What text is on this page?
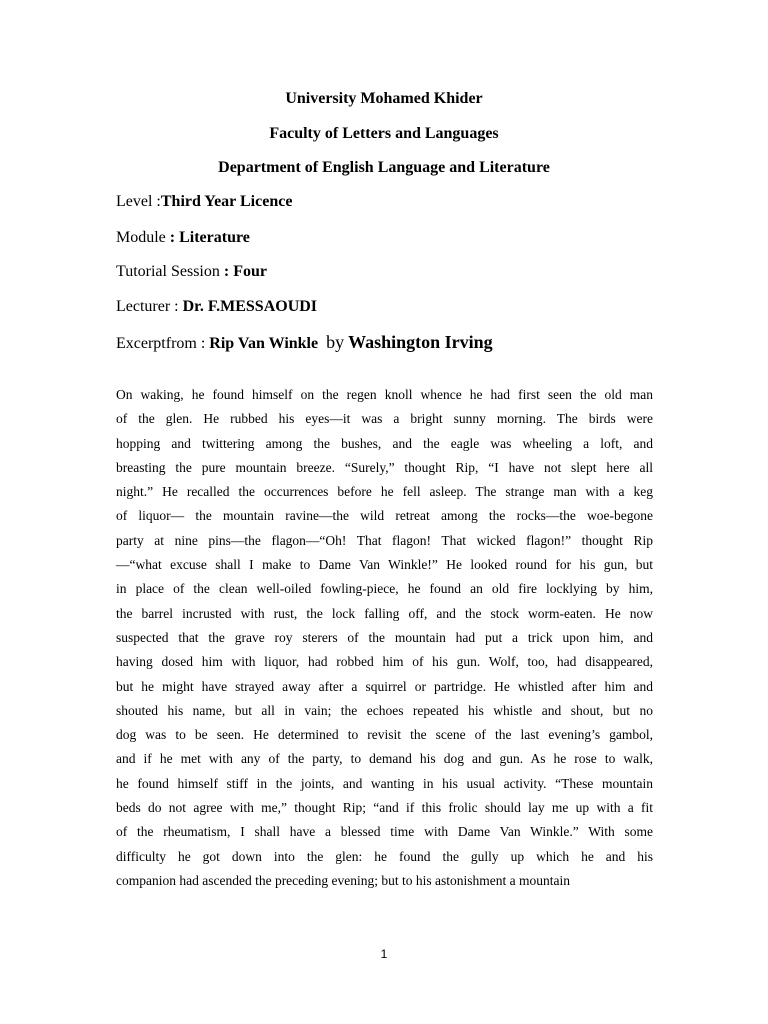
University Mohamed Khider
Faculty of Letters and Languages
Department of English Language and Literature
Level :Third Year Licence
Module : Literature
Tutorial Session : Four
Lecturer : Dr. F.MESSAOUDI
Excerptfrom : Rip Van Winkle by Washington Irving
On waking, he found himself on the regen knoll whence he had first seen the old man
of the glen. He rubbed his eyes—it was a bright sunny morning. The birds were
hopping and twittering among the bushes, and the eagle was wheeling a loft, and
breasting the pure mountain breeze. “Surely,” thought Rip, “I have not slept here all
night.” He recalled the occurrences before he fell asleep. The strange man with a keg
of liquor— the mountain ravine—the wild retreat among the rocks—the woe-begone
party at nine pins—the flagon—“Oh! That flagon! That wicked flagon!” thought Rip
—“what excuse shall I make to Dame Van Winkle!” He looked round for his gun, but
in place of the clean well-oiled fowling-piece, he found an old fire locklying by him,
the barrel incrusted with rust, the lock falling off, and the stock worm-eaten. He now
suspected that the grave roy sterers of the mountain had put a trick upon him, and
having dosed him with liquor, had robbed him of his gun. Wolf, too, had disappeared,
but he might have strayed away after a squirrel or partridge. He whistled after him and
shouted his name, but all in vain; the echoes repeated his whistle and shout, but no
dog was to be seen. He determined to revisit the scene of the last evening’s gambol,
and if he met with any of the party, to demand his dog and gun. As he rose to walk,
he found himself stiff in the joints, and wanting in his usual activity. “These mountain
beds do not agree with me,” thought Rip; “and if this frolic should lay me up with a fit
of the rheumatism, I shall have a blessed time with Dame Van Winkle.” With some
difficulty he got down into the glen: he found the gully up which he and his
companion had ascended the preceding evening; but to his astonishment a mountain
1
